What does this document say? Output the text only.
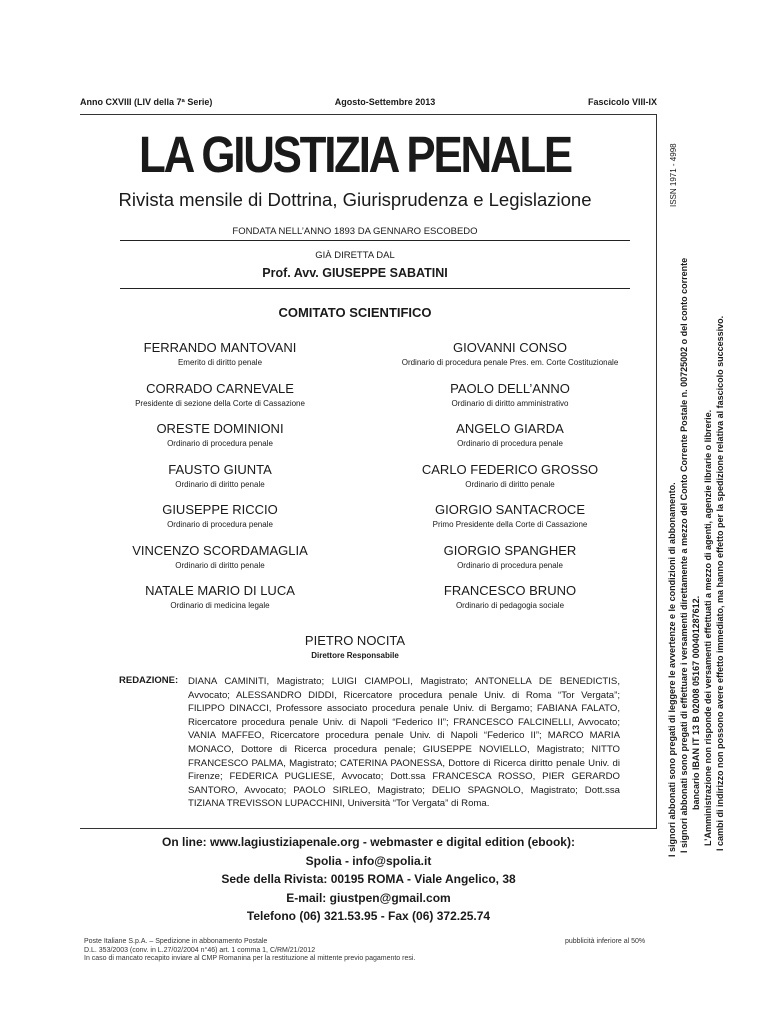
Anno CXVIII (LIV della 7ª Serie)	Agosto-Settembre 2013	Fascicolo VIII-IX
LA GIUSTIZIA PENALE
Rivista mensile di Dottrina, Giurisprudenza e Legislazione
FONDATA NELL’ANNO 1893 DA GENNARO ESCOBEDO
GIÀ DIRETTA DAL
Prof. Avv. GIUSEPPE SABATINI
COMITATO SCIENTIFICO
FERRANDO MANTOVANI
Emerito di diritto penale
GIOVANNI CONSO
Ordinario di procedura penale Pres. em. Corte Costituzionale
CORRADO CARNEVALE
Presidente di sezione della Corte di Cassazione
PAOLO DELL’ANNO
Ordinario di diritto amministrativo
ORESTE DOMINIONI
Ordinario di procedura penale
ANGELO GIARDA
Ordinario di procedura penale
FAUSTO GIUNTA
Ordinario di diritto penale
CARLO FEDERICO GROSSO
Ordinario di diritto penale
GIUSEPPE RICCIO
Ordinario di procedura penale
GIORGIO SANTACROCE
Primo Presidente della Corte di Cassazione
VINCENZO SCORDAMAGLIA
Ordinario di diritto penale
GIORGIO SPANGHER
Ordinario di procedura penale
NATALE MARIO DI LUCA
Ordinario di medicina legale
FRANCESCO BRUNO
Ordinario di pedagogia sociale
PIETRO NOCITA
Direttore Responsabile
REDAZIONE: DIANA CAMINITI, Magistrato; LUIGI CIAMPOLI, Magistrato; ANTONELLA DE BENEDICTIS, Avvocato; ALESSANDRO DIDDI, Ricercatore procedura penale Univ. di Roma “Tor Vergata”; FILIPPO DINACCI, Professore associato procedura penale Univ. di Bergamo; FABIANA FALATO, Ricercatore procedura penale Univ. di Napoli “Federico II”; FRANCESCO FALCINELLI, Avvocato; VANIA MAFFEO, Ricercatore procedura penale Univ. di Napoli “Federico II”; MARCO MARIA MONACO, Dottore di Ricerca procedura penale; GIUSEPPE NOVIELLO, Magistrato; NITTO FRANCESCO PALMA, Magistrato; CATERINA PAONESSA, Dottore di Ricerca diritto penale Univ. di Firenze; FEDERICA PUGLIESE, Avvocato; Dott.ssa FRANCESCA ROSSO, PIER GERARDO SANTORO, Avvocato; PAOLO SIRLEO, Magistrato; DELIO SPAGNOLO, Magistrato; Dott.ssa TIZIANA TREVISSON LUPACCHINI, Università “Tor Vergata” di Roma.
On line: www.lagiustiziapenale.org - webmaster e digital edition (ebook):
Spolia - info@spolia.it
Sede della Rivista: 00195 ROMA - Viale Angelico, 38
E-mail: giustpen@gmail.com
Telefono (06) 321.53.95 - Fax (06) 372.25.74
Poste Italiane S.p.A. – Spedizione in abbonamento Postale
D.L. 353/2003 (conv. in L.27/02/2004 n°46) art. 1 comma 1, C/RM/21/2012
In caso di mancato recapito inviare al CMP Romanina per la restituzione al mittente previo pagamento resi.
pubblicità inferiore al 50%
ISSN 1971 - 4998
I signori abbonati sono pregati di leggere le avvertenze e le condizioni di abbonamento. I signori abbonati sono pregati di effettuare i versamenti direttamente a mezzo del Conto Corrente Postale n. 00725002 o del conto corrente bancario IBAN IT 13 B 02008 05167 000401287612. L’Amministrazione non risponde dei versamenti effettuati a mezzo di agenti, agenzie librarie o librerie. I cambi di indirizzo non possono avere effetto immediato, ma hanno effetto per la spedizione relativa al fascicolo successivo.
